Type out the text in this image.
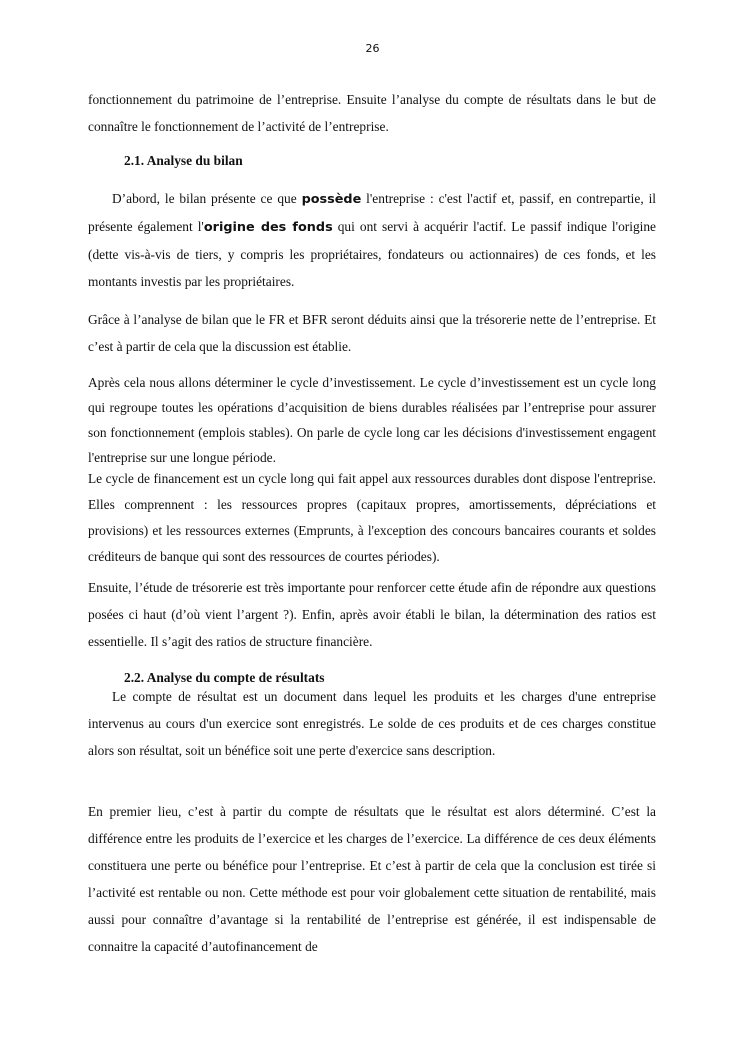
26

fonctionnement du patrimoine de l’entreprise. Ensuite l’analyse du compte de résultats dans le but de connaître le fonctionnement de l’activité de l’entreprise.

2.1. Analyse du bilan

D’abord, le bilan présente ce que possède l'entreprise : c'est l'actif et, passif, en contrepartie, il présente également l'origine des fonds qui ont servi à acquérir l'actif. Le passif indique l'origine (dette vis-à-vis de tiers, y compris les propriétaires, fondateurs ou actionnaires) de ces fonds, et les montants investis par les propriétaires.

Grâce à l’analyse de bilan que le FR et BFR seront déduits ainsi que la trésorerie nette de l’entreprise. Et c’est à partir de cela que la discussion est établie.

Après cela nous allons déterminer le cycle d’investissement. Le cycle d’investissement est un cycle long qui regroupe toutes les opérations d’acquisition de biens durables réalisées par l’entreprise pour assurer son fonctionnement (emplois stables). On parle de cycle long car les décisions d'investissement engagent l'entreprise sur une longue période.

Le cycle de financement est un cycle long qui fait appel aux ressources durables dont dispose l'entreprise. Elles comprennent : les ressources propres (capitaux propres, amortissements, dépréciations et provisions) et les ressources externes (Emprunts, à l'exception des concours bancaires courants et soldes créditeurs de banque qui sont des ressources de courtes périodes).

Ensuite, l’étude de trésorerie est très importante pour renforcer cette étude afin de répondre aux questions posées ci haut (d’où vient l’argent ?). Enfin, après avoir établi le bilan, la détermination des ratios est essentielle. Il s’agit des ratios de structure financière.

2.2. Analyse du compte de résultats

Le compte de résultat est un document dans lequel les produits et les charges d'une entreprise intervenus au cours d'un exercice sont enregistrés. Le solde de ces produits et de ces charges constitue alors son résultat, soit un bénéfice soit une perte d'exercice sans description.

En premier lieu, c’est à partir du compte de résultats que le résultat est alors déterminé. C’est la différence entre les produits de l’exercice et les charges de l’exercice. La différence de ces deux éléments constituera une perte ou bénéfice pour l’entreprise. Et c’est à partir de cela que la conclusion est tirée si l’activité est rentable ou non. Cette méthode est pour voir globalement cette situation de rentabilité, mais aussi pour connaître d’avantage si la rentabilité de l’entreprise est générée, il est indispensable de connaitre la capacité d’autofinancement de
